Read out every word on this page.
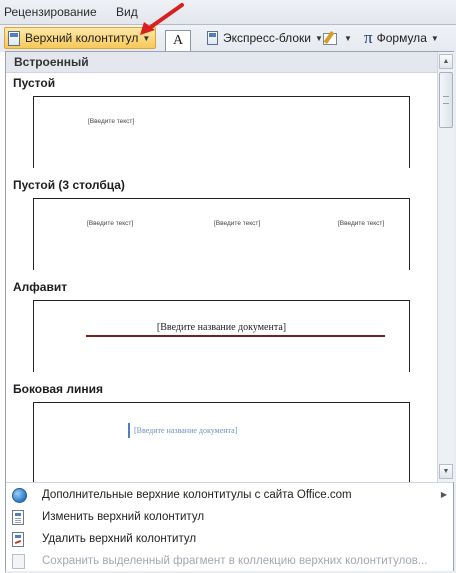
Рецензирование Вид
Верхний колонтитул ▼ A	Экспресс-блоки ▼	▼ π Формула ▼
Встроенный
Пустой
[Введите текст]
Пустой (3 столбца)
[Введите текст]	[Введите текст]	[Введите текст]
Алфавит
[Введите название документа]
Боковая линия
[Введите название документа]
▲
▼
Дополнительные верхние колонтитулы с сайта Office.com	▶
Изменить верхний колонтитул
Удалить верхний колонтитул
Сохранить выделенный фрагмент в коллекцию верхних колонтитулов...
